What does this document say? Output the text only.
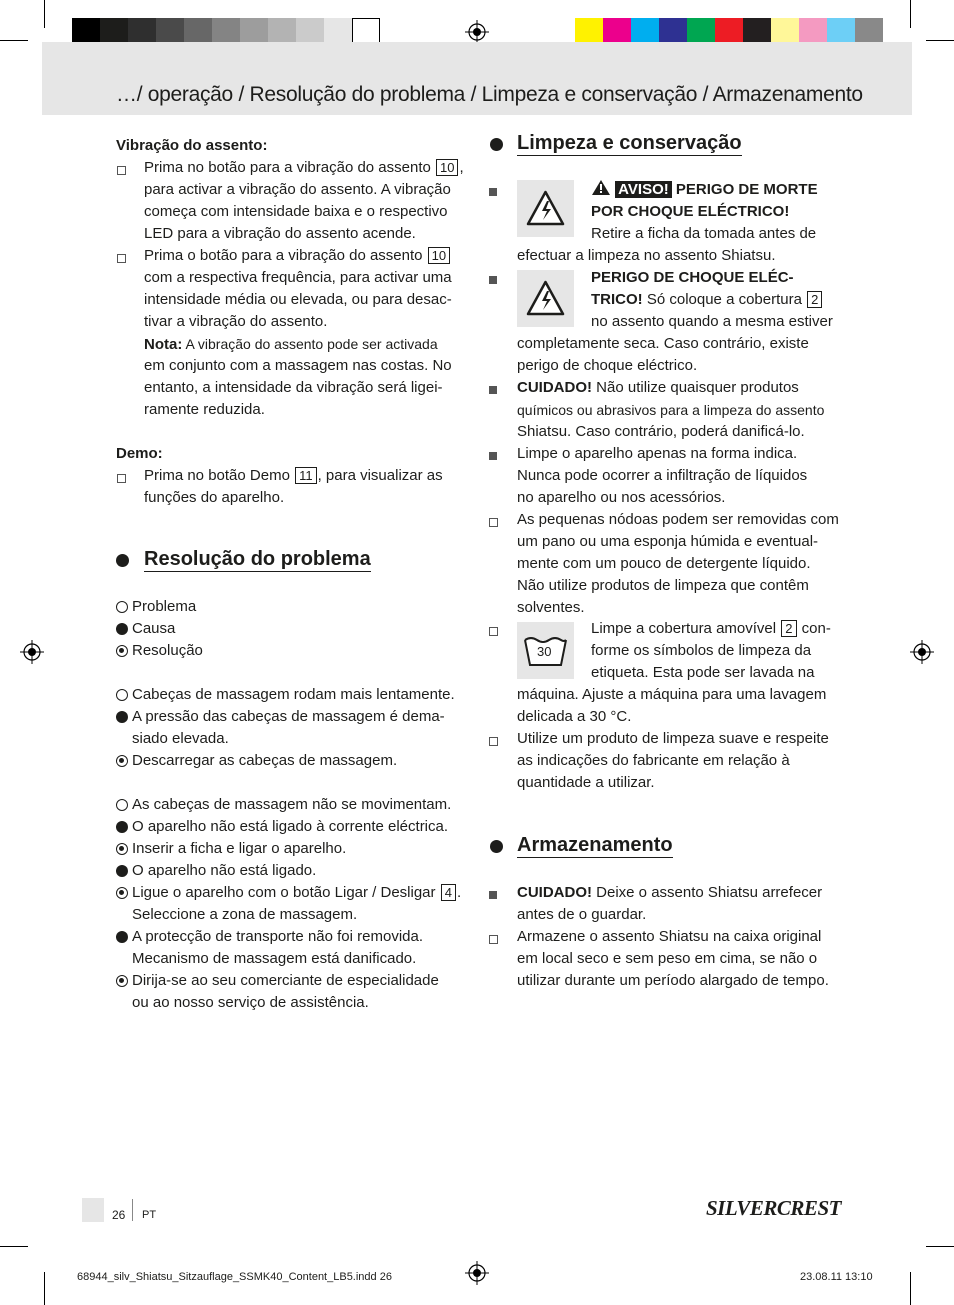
…/ operação / Resolução do problema / Limpeza e conservação / Armazenamento
Vibração do assento:
Prima no botão para a vibração do assento 10 ,
para activar a vibração do assento. A vibração
começa com intensidade baixa e o respectivo
LED para a vibração do assento acende.
Prima o botão para a vibração do assento 10
com a respectiva frequência, para activar uma
intensidade média ou elevada, ou para desac-
tivar a vibração do assento.
Nota: A vibração do assento pode ser activada
em conjunto com a massagem nas costas. No
entanto, a intensidade da vibração será ligei-
ramente reduzida.
Demo:
Prima no botão Demo 11 , para visualizar as
funções do aparelho.
Resolução do problema
Problema
Causa
Resolução
Cabeças de massagem rodam mais lentamente.
A pressão das cabeças de massagem é dema-
siado elevada.
Descarregar as cabeças de massagem.
As cabeças de massagem não se movimentam.
O aparelho não está ligado à corrente eléctrica.
Inserir a ficha e ligar o aparelho.
O aparelho não está ligado.
Ligue o aparelho com o botão Ligar / Desligar 4 .
Seleccione a zona de massagem.
A protecção de transporte não foi removida.
Mecanismo de massagem está danificado.
Dirija-se ao seu comerciante de especialidade
ou ao nosso serviço de assistência.
Limpeza e conservação
AVISO! PERIGO DE MORTE
POR CHOQUE ELÉCTRICO!
Retire a ficha da tomada antes de
efectuar a limpeza no assento Shiatsu.
PERIGO DE CHOQUE ELÉC-
TRICO! Só coloque a cobertura 2
no assento quando a mesma estiver
completamente seca. Caso contrário, existe
perigo de choque eléctrico.
CUIDADO! Não utilize quaisquer produtos
químicos ou abrasivos para a limpeza do assento
Shiatsu. Caso contrário, poderá danificá-lo.
Limpe o aparelho apenas na forma indica.
Nunca pode ocorrer a infiltração de líquidos
no aparelho ou nos acessórios.
As pequenas nódoas podem ser removidas com
um pano ou uma esponja húmida e eventual-
mente com um pouco de detergente líquido.
Não utilize produtos de limpeza que contêm
solventes.
30
Limpe a cobertura amovível 2 con-
forme os símbolos de limpeza da
etiqueta. Esta pode ser lavada na
máquina. Ajuste a máquina para uma lavagem
delicada a 30 °C.
Utilize um produto de limpeza suave e respeite
as indicações do fabricante em relação à
quantidade a utilizar.
Armazenamento
CUIDADO! Deixe o assento Shiatsu arrefecer
antes de o guardar.
Armazene o assento Shiatsu na caixa original
em local seco e sem peso em cima, se não o
utilizar durante um período alargado de tempo.
26 PT	SILVERCREST
68944_silv_Shiatsu_Sitzauflage_SSMK40_Content_LB5.indd 26	23.08.11 13:10
